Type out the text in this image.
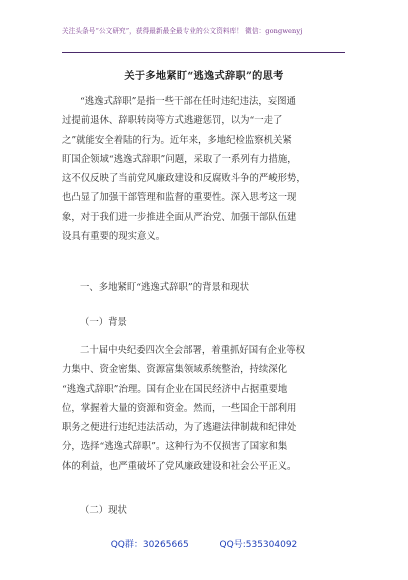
关注头条号“公文研究”，获得最新最全最专业的公文资料库！ 微信：gongwenyj
关于多地紧盯“逃逸式辞职”的思考
“逃逸式辞职”是指一些干部在任时违纪违法，妄图通
过提前退休、辞职转岗等方式逃避惩罚，以为“一走了
之”就能安全着陆的行为。近年来，多地纪检监察机关紧
盯国企领域“逃逸式辞职”问题，采取了一系列有力措施，
这不仅反映了当前党风廉政建设和反腐败斗争的严峻形势，
也凸显了加强干部管理和监督的重要性。深入思考这一现
象，对于我们进一步推进全面从严治党、加强干部队伍建
设具有重要的现实意义。
一、多地紧盯“逃逸式辞职”的背景和现状
（一）背景
二十届中央纪委四次全会部署，着重抓好国有企业等权
力集中、资金密集、资源富集领域系统整治，持续深化
“逃逸式辞职”治理。国有企业在国民经济中占据重要地
位，掌握着大量的资源和资金。然而，一些国企干部利用
职务之便进行违纪违法活动，为了逃避法律制裁和纪律处
分，选择“逃逸式辞职”。这种行为不仅损害了国家和集
体的利益，也严重破坏了党风廉政建设和社会公平正义。
（二）现状
QQ群：30265665	QQ号:535304092
